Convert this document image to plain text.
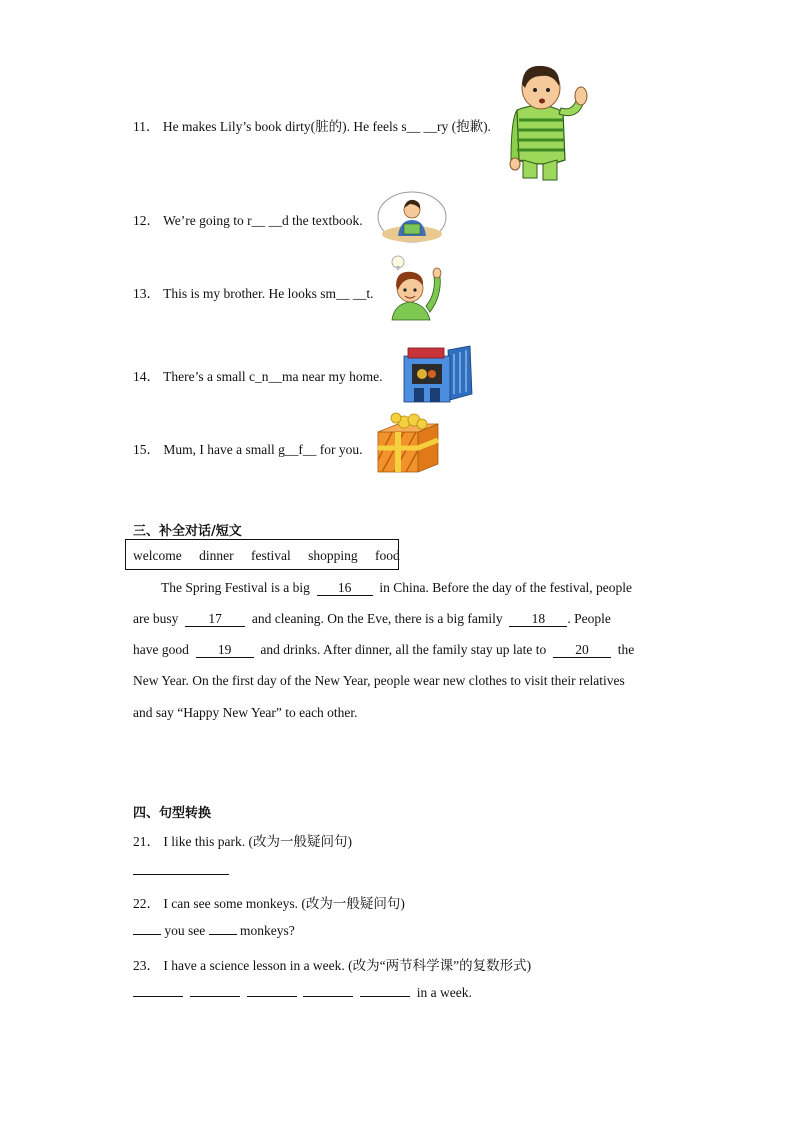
11． He makes Lily’s book dirty(脏的). He feels s__ __ry (抱歉).
12． We’re going to r__ __d the textbook.
13． This is my brother. He looks sm__ __t.
14． There’s a small c_n__ma near my home.
15． Mum, I have a small g__f__ for you.
三、补全对话/短文
welcome dinner festival shopping food
The Spring Festival is a big 16 in China. Before the day of the festival, people
are busy 17 and cleaning. On the Eve, there is a big family 18 . People
have good 19 and drinks. After dinner, all the family stay up late to 20 the
New Year. On the first day of the New Year, people wear new clothes to visit their relatives
and say “Happy New Year” to each other.
四、句型转换
21． I like this park. (改为一般疑问句)
22． I can see some monkeys. (改为一般疑问句)
you see	monkeys?
23． I have a science lesson in a week. (改为“两节科学课”的复数形式)
in a week.
